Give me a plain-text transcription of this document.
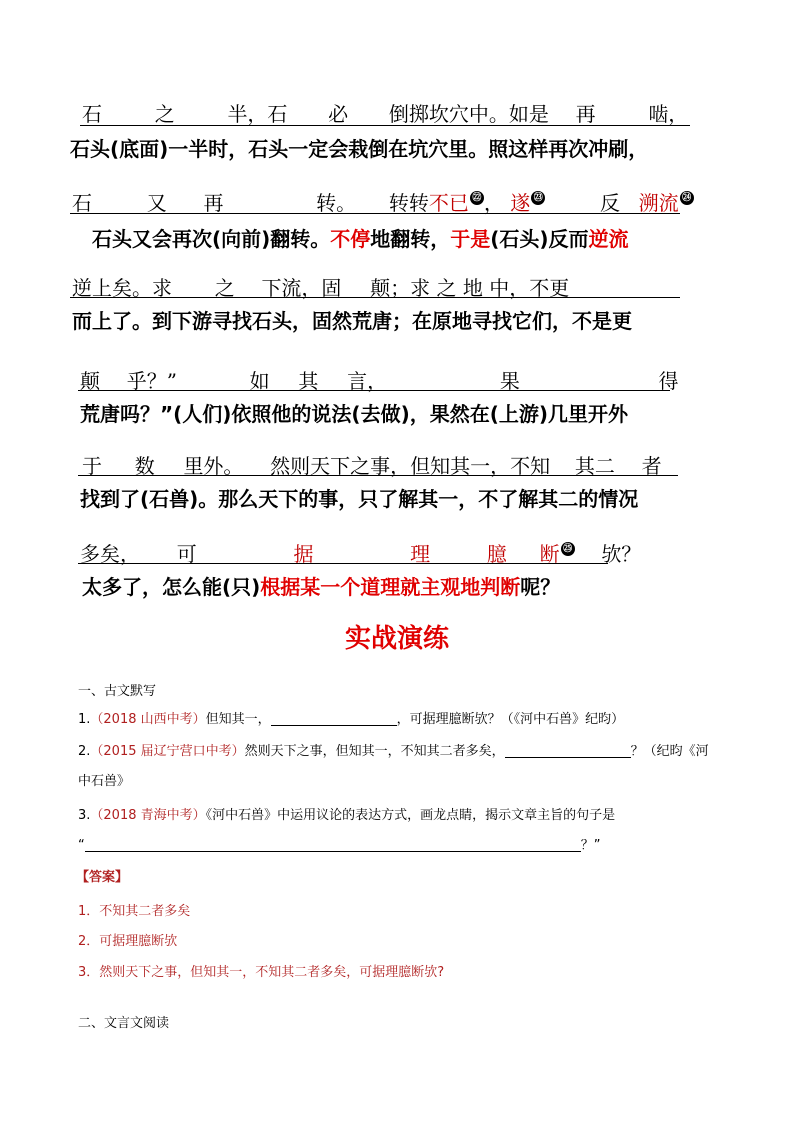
石	之	半，石 必 倒掷坎穴中。如是 再	啮，
石头(底面)一半时，石头一定会栽倒在坑穴里。照这样再次冲刷，
石	又 再	转。 转转不已 ㉒ ， 遂 ㉓	反 溯流 ㉔
石头又会再次(向前)翻转。不停地翻转，于是(石头)反而逆流
逆上矣。求 之 下流，固 颠；求 之 地 中，不更
而上了。到下游寻找石头，固然荒唐；在原地寻找它们，不是更
颠 乎？”	如 其 言，	果	得
荒唐吗？”(人们)依照他的说法(去做)，果然在(上游)几里开外
于 数 里外。 然则天下之事，但知其一，不知 其二 者
找到了(石兽)。那么天下的事，只了解其一，不了解其二的情况
多矣， 可	据	理	臆 断 ㉕ 欤？
太多了，怎么能(只)根据某一个道理就主观地判断呢？
实战演练
一、古文默写
1.（2018 山西中考）但知其一，	，可据理臆断欤？（《河中石兽》纪昀）
2.（2015 届辽宁营口中考）然则天下之事，但知其一，不知其二者多矣，	？（纪昀《河
中石兽》
3.（2018 青海中考）《河中石兽》中运用议论的表达方式，画龙点睛，揭示文章主旨的句子是
“	？”
【答案】
1．不知其二者多矣
2．可据理臆断欤
3．然则天下之事，但知其一，不知其二者多矣，可据理臆断欤?
二、文言文阅读
